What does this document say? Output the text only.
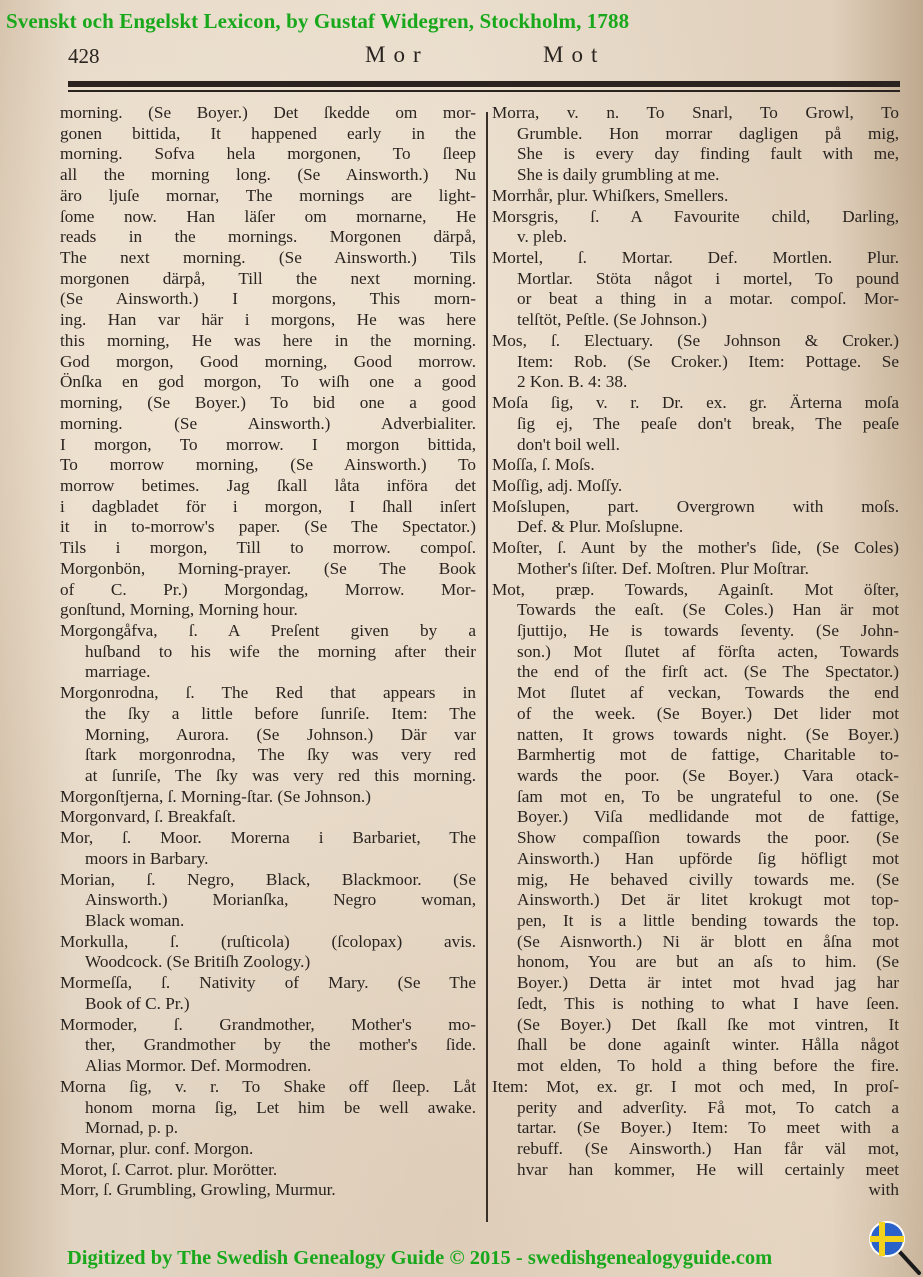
Svenskt och Engelskt Lexicon, by Gustaf Widegren, Stockholm, 1788
428	Mor	Mot
morning. (Se Boyer.) Det ſkedde om mor-
gonen bittida, It happened early in the
morning. Sofva hela morgonen, To ſleep
all the morning long. (Se Ainsworth.) Nu
äro ljuſe mornar, The mornings are light-
ſome now. Han läſer om mornarne, He
reads in the mornings. Morgonen därpå,
The next morning. (Se Ainsworth.) Tils
morgonen därpå, Till the next morning.
(Se Ainsworth.) I morgons, This morn-
ing. Han var här i morgons, He was here
this morning, He was here in the morning.
God morgon, Good morning, Good morrow.
Önſka en god morgon, To wiſh one a good
morning, (Se Boyer.) To bid one a good
morning. (Se Ainsworth.) Adverbialiter.
I morgon, To morrow. I morgon bittida,
To morrow morning, (Se Ainsworth.) To
morrow betimes. Jag ſkall låta införa det
i dagbladet för i morgon, I ſhall inſert
it in to-morrow's paper. (Se The Spectator.)
Tils i morgon, Till to morrow. compoſ.
Morgonbön, Morning-prayer. (Se The Book
of C. Pr.) Morgondag, Morrow. Mor-
gonſtund, Morning, Morning hour.
Morgongåfva, ſ. A Preſent given by a
huſband to his wife the morning after their
marriage.
Morgonrodna, ſ. The Red that appears in
the ſky a little before ſunriſe. Item: The
Morning, Aurora. (Se Johnson.) Där var
ſtark morgonrodna, The ſky was very red
at ſunriſe, The ſky was very red this morning.
Morgonſtjerna, ſ. Morning-ſtar. (Se Johnson.)
Morgonvard, ſ. Breakfaſt.
Mor, ſ. Moor. Morerna i Barbariet, The
moors in Barbary.
Morian, ſ. Negro, Black, Blackmoor. (Se
Ainsworth.) Morianſka, Negro woman,
Black woman.
Morkulla, ſ. (ruſticola) (ſcolopax) avis.
Woodcock. (Se Britiſh Zoology.)
Mormeſſa, ſ. Nativity of Mary. (Se The
Book of C. Pr.)
Mormoder, ſ. Grandmother, Mother's mo-
ther, Grandmother by the mother's ſide.
Alias Mormor. Def. Mormodren.
Morna ſig, v. r. To Shake off ſleep. Låt
honom morna ſig, Let him be well awake.
Mornad, p. p.
Mornar, plur. conf. Morgon.
Morot, ſ. Carrot. plur. Morötter.
Morr, ſ. Grumbling, Growling, Murmur.
Morra, v. n. To Snarl, To Growl, To
Grumble. Hon morrar dagligen på mig,
She is every day finding fault with me,
She is daily grumbling at me.
Morrhår, plur. Whiſkers, Smellers.
Morsgris, ſ. A Favourite child, Darling,
v. pleb.
Mortel, ſ. Mortar. Def. Mortlen. Plur.
Mortlar. Stöta något i mortel, To pound
or beat a thing in a motar. compoſ. Mor-
telſtöt, Peſtle. (Se Johnson.)
Mos, ſ. Electuary. (Se Johnson & Croker.)
Item: Rob. (Se Croker.) Item: Pottage. Se
2 Kon. B. 4: 38.
Moſa ſig, v. r. Dr. ex. gr. Ärterna moſa
ſig ej, The peaſe don't break, The peaſe
don't boil well.
Moſſa, ſ. Moſs.
Moſſig, adj. Moſſy.
Moſslupen, part. Overgrown with moſs.
Def. & Plur. Moſslupne.
Moſter, ſ. Aunt by the mother's ſide, (Se Coles)
Mother's ſiſter. Def. Moſtren. Plur Moſtrar.
Mot, præp. Towards, Againſt. Mot öſter,
Towards the eaſt. (Se Coles.) Han är mot
ſjuttijo, He is towards ſeventy. (Se John-
son.) Mot ſlutet af förſta acten, Towards
the end of the firſt act. (Se The Spectator.)
Mot ſlutet af veckan, Towards the end
of the week. (Se Boyer.) Det lider mot
natten, It grows towards night. (Se Boyer.)
Barmhertig mot de fattige, Charitable to-
wards the poor. (Se Boyer.) Vara otack-
ſam mot en, To be ungrateful to one. (Se
Boyer.) Viſa medlidande mot de fattige,
Show compaſſion towards the poor. (Se
Ainsworth.) Han upförde ſig höfligt mot
mig, He behaved civilly towards me. (Se
Ainsworth.) Det är litet krokugt mot top-
pen, It is a little bending towards the top.
(Se Aisnworth.) Ni är blott en åſna mot
honom, You are but an aſs to him. (Se
Boyer.) Detta är intet mot hvad jag har
ſedt, This is nothing to what I have ſeen.
(Se Boyer.) Det ſkall ſke mot vintren, It
ſhall be done againſt winter. Hålla något
mot elden, To hold a thing before the fire.
Item: Mot, ex. gr. I mot och med, In proſ-
perity and adverſity. Få mot, To catch a
tartar. (Se Boyer.) Item: To meet with a
rebuff. (Se Ainsworth.) Han får väl mot,
hvar han kommer, He will certainly meet
with
Digitized by The Swedish Genealogy Guide © 2015 - swedishgenealogyguide.com
